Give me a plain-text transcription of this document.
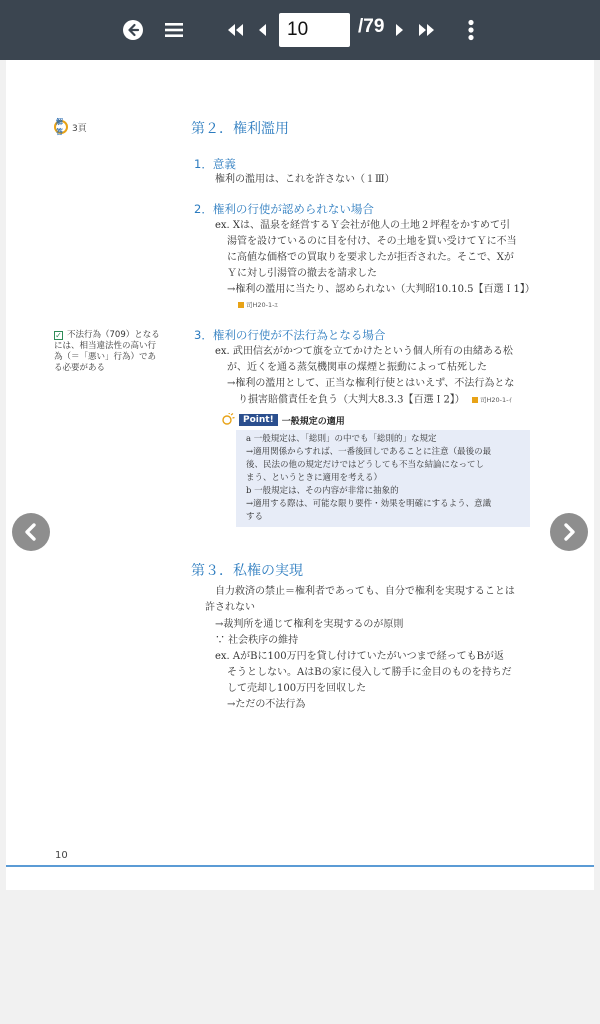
10
/79
解答	3頁
✓ 不法行為（709）となる
には、相当違法性の高い行
為（＝「悪い」行為）であ
る必要がある
第２．権利濫用
1．意義
権利の濫用は、これを許さない（１Ⅲ）
2．権利の行使が認められない場合
ex. Xは、温泉を経営するＹ会社が他人の土地２坪程をかすめて引
湯管を設けているのに目を付け、その土地を買い受けてＹに不当
に高値な価格での買取りを要求したが拒否された。そこで、Xが
Ｙに対し引湯管の撤去を請求した
→権利の濫用に当たり、認められない（大判昭10.10.5【百選Ｉ1】）
司H20-1-ｴ
3．権利の行使が不法行為となる場合
ex. 武田信玄がかつて旗を立てかけたという個人所有の由緒ある松
が、近くを通る蒸気機関車の煤煙と振動によって枯死した
→権利の濫用として、正当な権利行使とはいえず、不法行為とな
り損害賠償責任を負う（大判大8.3.3【百選Ｉ2】） 司H20-1-ｲ
Point! 一般規定の適用
a 一般規定は、「総則」の中でも「総則的」な規定
→適用関係からすれば、一番後回しであることに注意（最後の最
後、民法の他の規定だけではどうしても不当な結論になってし
まう、というときに適用を考える）
b 一般規定は、その内容が非常に抽象的
→適用する際は、可能な限り要件・効果を明確にするよう、意識
する
第３．私権の実現
自力救済の禁止＝権利者であっても、自分で権利を実現することは
許されない
→裁判所を通じて権利を実現するのが原則
∵ 社会秩序の維持
ex. AがBに100万円を貸し付けていたがいつまで経ってもBが返
そうとしない。AはBの家に侵入して勝手に金目のものを持ちだ
して売却し100万円を回収した
→ただの不法行為
10
